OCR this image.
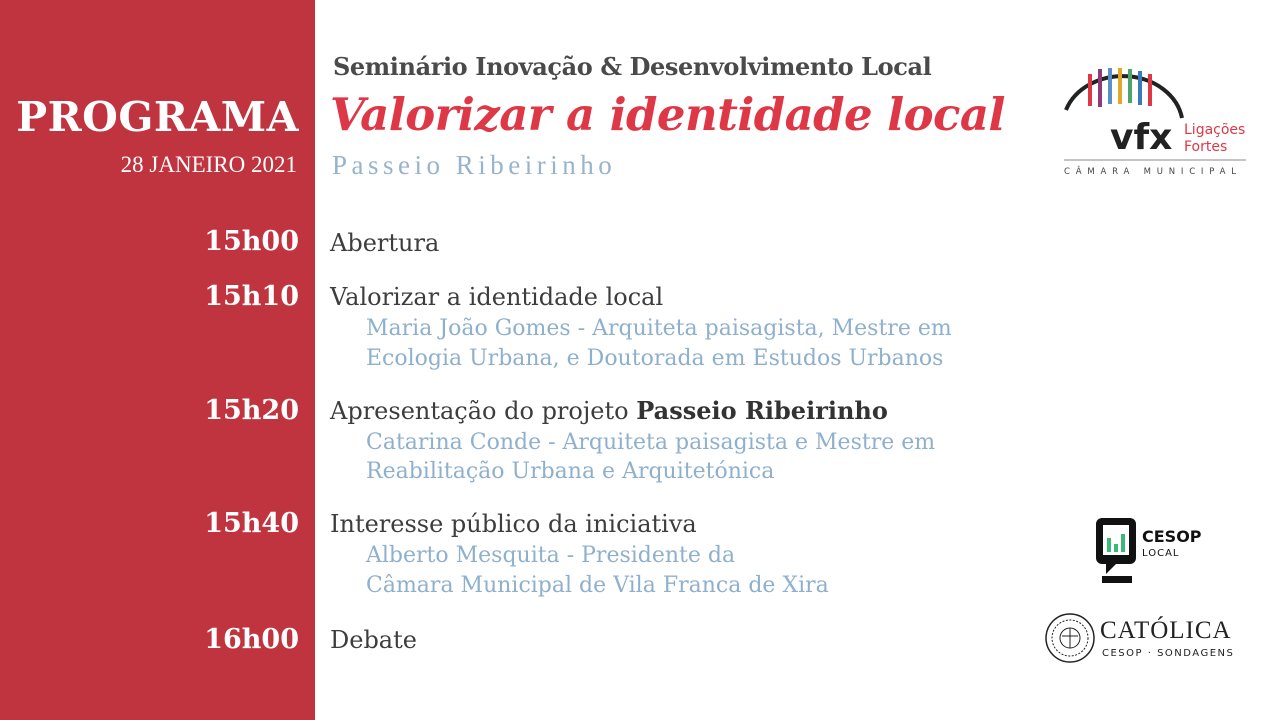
PROGRAMA
28 JANEIRO 2021
15h00
15h10
15h20
15h40
16h00
Seminário Inovação & Desenvolvimento Local
Valorizar a identidade local
Passeio Ribeirinho
Abertura
Valorizar a identidade local
Maria João Gomes - Arquiteta paisagista, Mestre em
Ecologia Urbana, e Doutorada em Estudos Urbanos
Apresentação do projeto Passeio Ribeirinho
Catarina Conde - Arquiteta paisagista e Mestre em
Reabilitação Urbana e Arquitetónica
Interesse público da iniciativa
Alberto Mesquita - Presidente da
Câmara Municipal de Vila Franca de Xira
Debate
vfx Ligações
Fortes
CÂMARA MUNICIPAL
CESOP
LOCAL
CATÓLICA
CESOP · SONDAGENS
